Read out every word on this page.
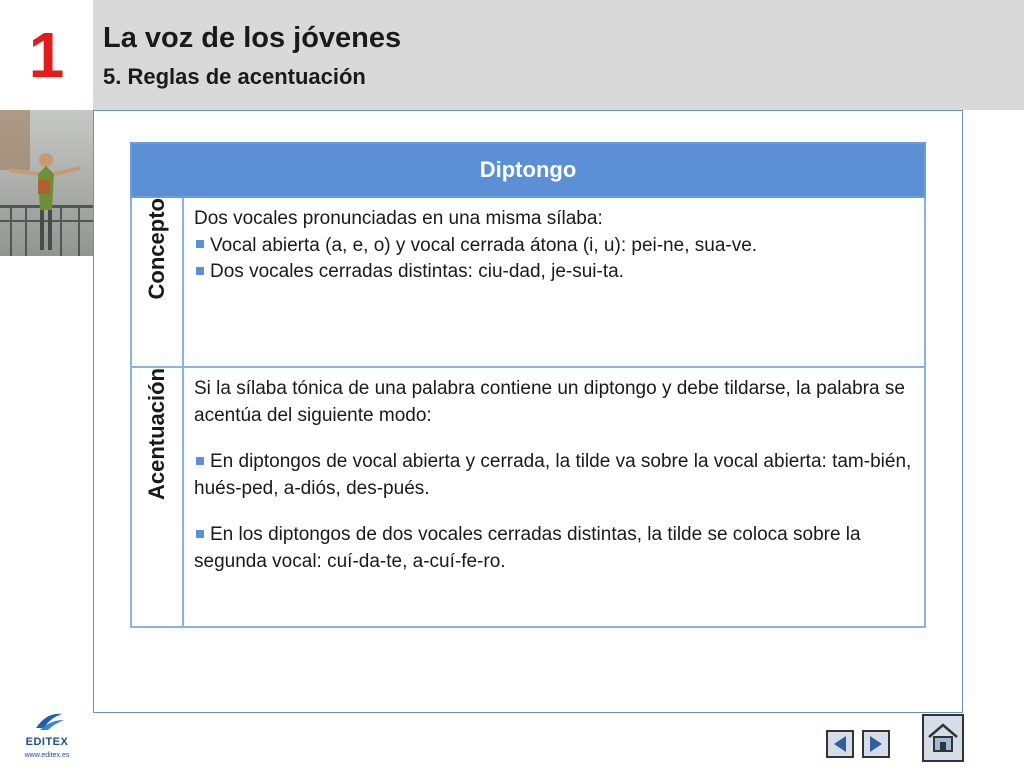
1	La voz de los jóvenes
5. Reglas de acentuación
Diptongo	

Concepto	Dos vocales pronunciadas en una misma sílaba:

Vocal abierta (a, e, o) y vocal cerrada átona (i, u): pei-ne, sua-ve.

Dos vocales cerradas distintas: ciu-dad, je-sui-ta.

Acentuación	Si la sílaba tónica de una palabra contiene un diptongo y debe tildarse, la palabra se acentúa del siguiente modo:

En diptongos de vocal abierta y cerrada, la tilde va sobre la vocal abierta: tam-bién, hués-ped, a-diós, des-pués.

En los diptongos de dos vocales cerradas distintas, la tilde se coloca sobre la segunda vocal: cuí-da-te, a-cuí-fe-ro.

EDITEX
www.editex.es
